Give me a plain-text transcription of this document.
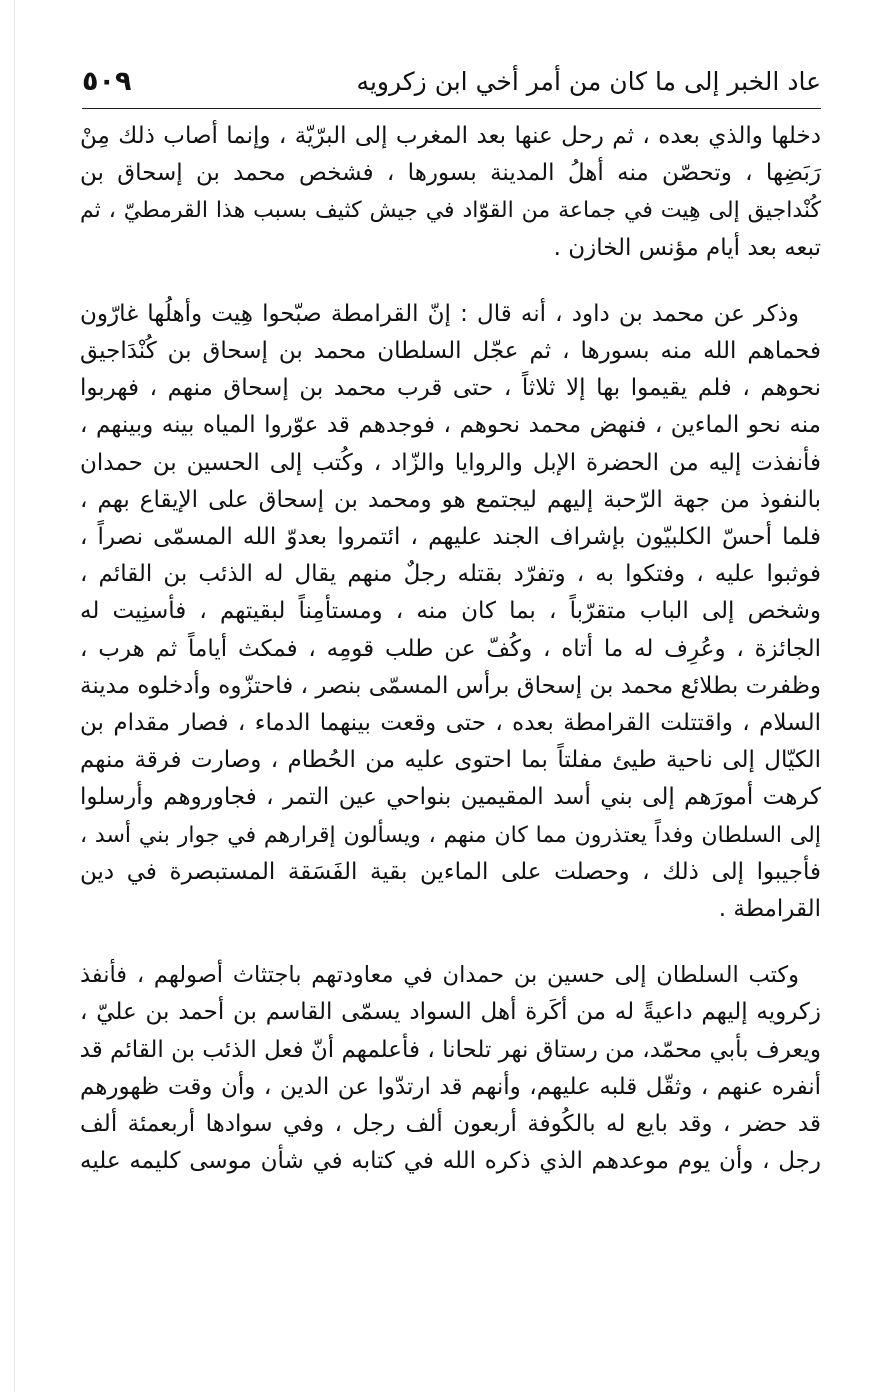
عاد الخبر إلى ما كان من أمر أخي ابن زكرويه
٥٠٩

دخلها والذي بعده ، ثم رحل عنها بعد المغرب إلى البرّيّة ، وإنما أصاب ذلك مِنْ
رَبَضِها ، وتحصّن منه أهلُ المدينة بسورها ، فشخص محمد بن إسحاق بن
كُنْداجيق إلى هِيت في جماعة من القوّاد في جيش كثيف بسبب هذا القرمطيّ ، ثم
تبعه بعد أيام مؤنس الخازن .

وذكر عن محمد بن داود ، أنه قال : إنّ القرامطة صبّحوا هِيت وأهلُها غارّون
فحماهم الله منه بسورها ، ثم عجّل السلطان محمد بن إسحاق بن كُنْدَاجيق
نحوهم ، فلم يقيموا بها إلا ثلاثاً ، حتى قرب محمد بن إسحاق منهم ، فهربوا
منه نحو الماءين ، فنهض محمد نحوهم ، فوجدهم قد عوّروا المياه بينه وبينهم ،
فأنفذت إليه من الحضرة الإبل والروايا والزّاد ، وكُتب إلى الحسين بن حمدان
بالنفوذ من جهة الرّحبة إليهم ليجتمع هو ومحمد بن إسحاق على الإيقاع بهم ،
فلما أحسّ الكلبيّون بإشراف الجند عليهم ، ائتمروا بعدوّ الله المسمّى نصراً ،
فوثبوا عليه ، وفتكوا به ، وتفرّد بقتله رجلٌ منهم يقال له الذئب بن القائم ،
وشخص إلى الباب متقرّباً ، بما كان منه ، ومستأمِناً لبقيتهم ، فأسنِيت له
الجائزة ، وعُرِف له ما أتاه ، وكُفّ عن طلب قومِه ، فمكث أياماً ثم هرب ،
وظفرت بطلائع محمد بن إسحاق برأس المسمّى بنصر ، فاحتزّوه وأدخلوه مدينة
السلام ، واقتتلت القرامطة بعده ، حتى وقعت بينهما الدماء ، فصار مقدام بن
الكيّال إلى ناحية طيئ مفلتاً بما احتوى عليه من الحُطام ، وصارت فرقة منهم
كرهت أمورَهم إلى بني أسد المقيمين بنواحي عين التمر ، فجاوروهم وأرسلوا
إلى السلطان وفداً يعتذرون مما كان منهم ، ويسألون إقرارهم في جوار بني أسد ،
فأجيبوا إلى ذلك ، وحصلت على الماءين بقية الفَسَقة المستبصرة في دين
القرامطة .

وكتب السلطان إلى حسين بن حمدان في معاودتهم باجتثاث أصولهم ، فأنفذ
زكرويه إليهم داعيةً له من أكَرة أهل السواد يسمّى القاسم بن أحمد بن عليّ ،
ويعرف بأبي محمّد، من رستاق نهر تلحانا ، فأعلمهم أنّ فعل الذئب بن القائم قد
أنفره عنهم ، وثقّل قلبه عليهم، وأنهم قد ارتدّوا عن الدين ، وأن وقت ظهورهم
قد حضر ، وقد بايع له بالكُوفة أربعون ألف رجل ، وفي سوادها أربعمئة ألف
رجل ، وأن يوم موعدهم الذي ذكره الله في كتابه في شأن موسى كليمه عليه
